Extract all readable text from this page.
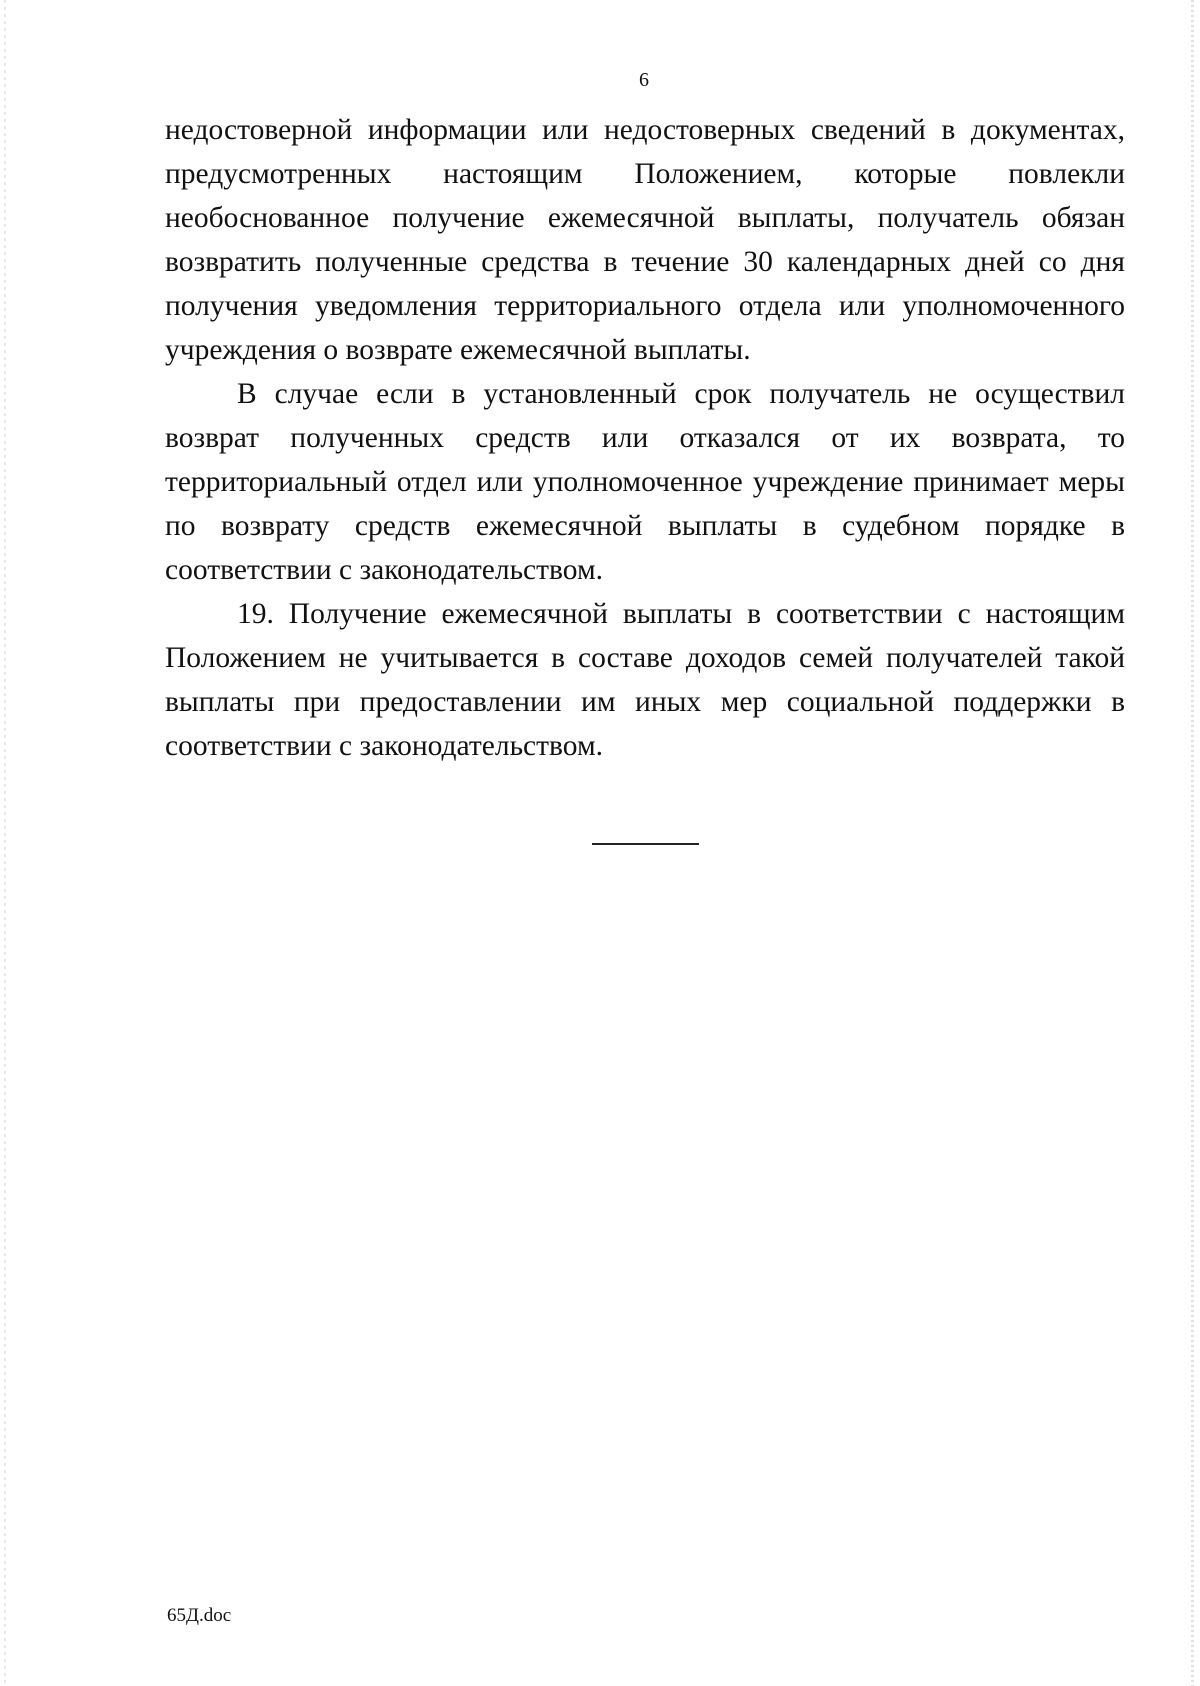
6

недостоверной информации или недостоверных сведений в документах, предусмотренных настоящим Положением, которые повлекли необоснованное получение ежемесячной выплаты, получатель обязан возвратить полученные средства в течение 30 календарных дней со дня получения уведомления территориального отдела или уполномоченного учреждения о возврате ежемесячной выплаты.

В случае если в установленный срок получатель не осуществил возврат полученных средств или отказался от их возврата, то территориальный отдел или уполномоченное учреждение принимает меры по возврату средств ежемесячной выплаты в судебном порядке в соответствии с законодательством.

19. Получение ежемесячной выплаты в соответствии с настоящим Положением не учитывается в составе доходов семей получателей такой выплаты при предоставлении им иных мер социальной поддержки в соответствии с законодательством.

65Д.doc
